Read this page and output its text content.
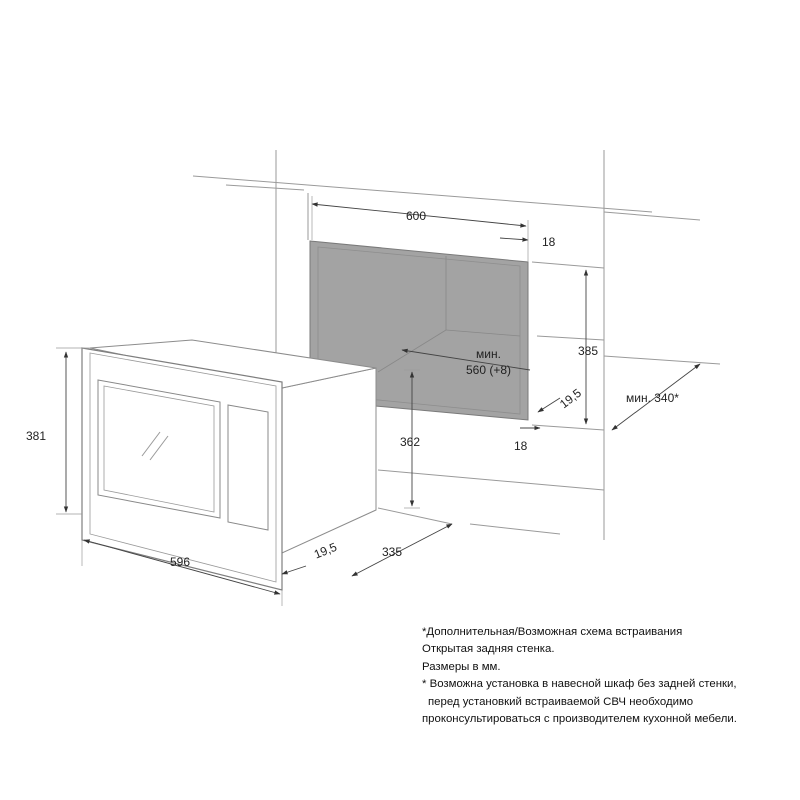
600
18
385
мин.
560 (+8)
19,5
18
мин. 340*
362
381
596
19,5	335
*Дополнительная/Возможная схема встраивания
Открытая задняя стенка.
Размеры в мм.
* Возможна установка в навесной шкаф без задней стенки,
перед установкий встраиваемой СВЧ необходимо
проконсультироваться с производителем кухонной мебели.
